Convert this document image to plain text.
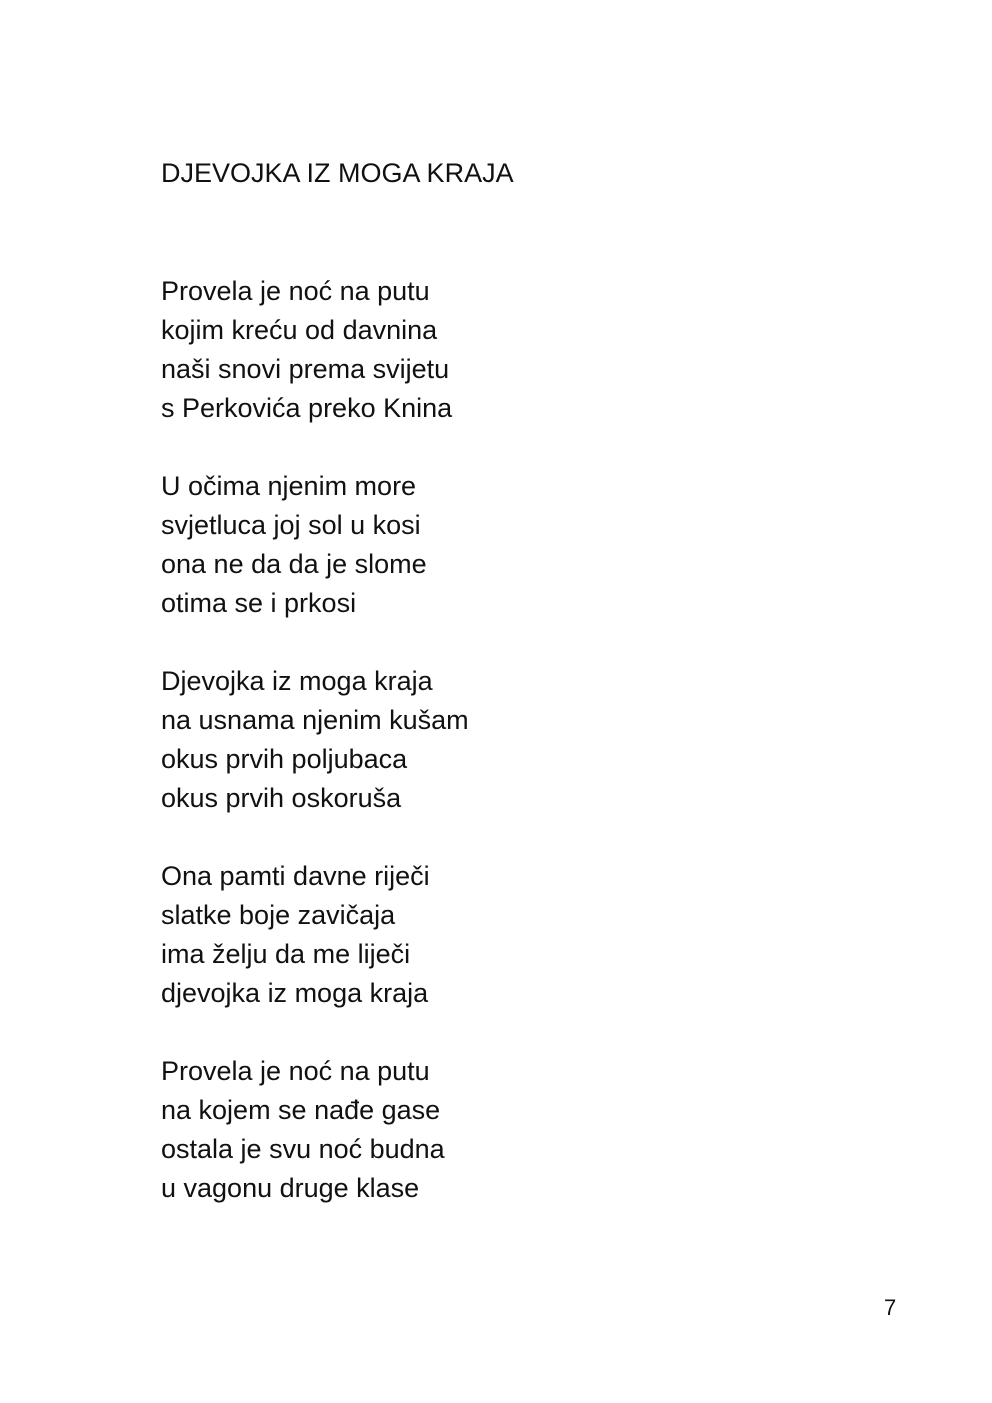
DJEVOJKA IZ MOGA KRAJA
Provela je noć na putu
kojim kreću od davnina
naši snovi prema svijetu
s Perkovića preko Knina
U očima njenim more
svjetluca joj sol u kosi
ona ne da da je slome
otima se i prkosi
Djevojka iz moga kraja
na usnama njenim kušam
okus prvih poljubaca
okus prvih oskoruša
Ona pamti davne riječi
slatke boje zavičaja
ima želju da me liječi
djevojka iz moga kraja
Provela je noć na putu
na kojem se nađe gase
ostala je svu noć budna
u vagonu druge klase
7
